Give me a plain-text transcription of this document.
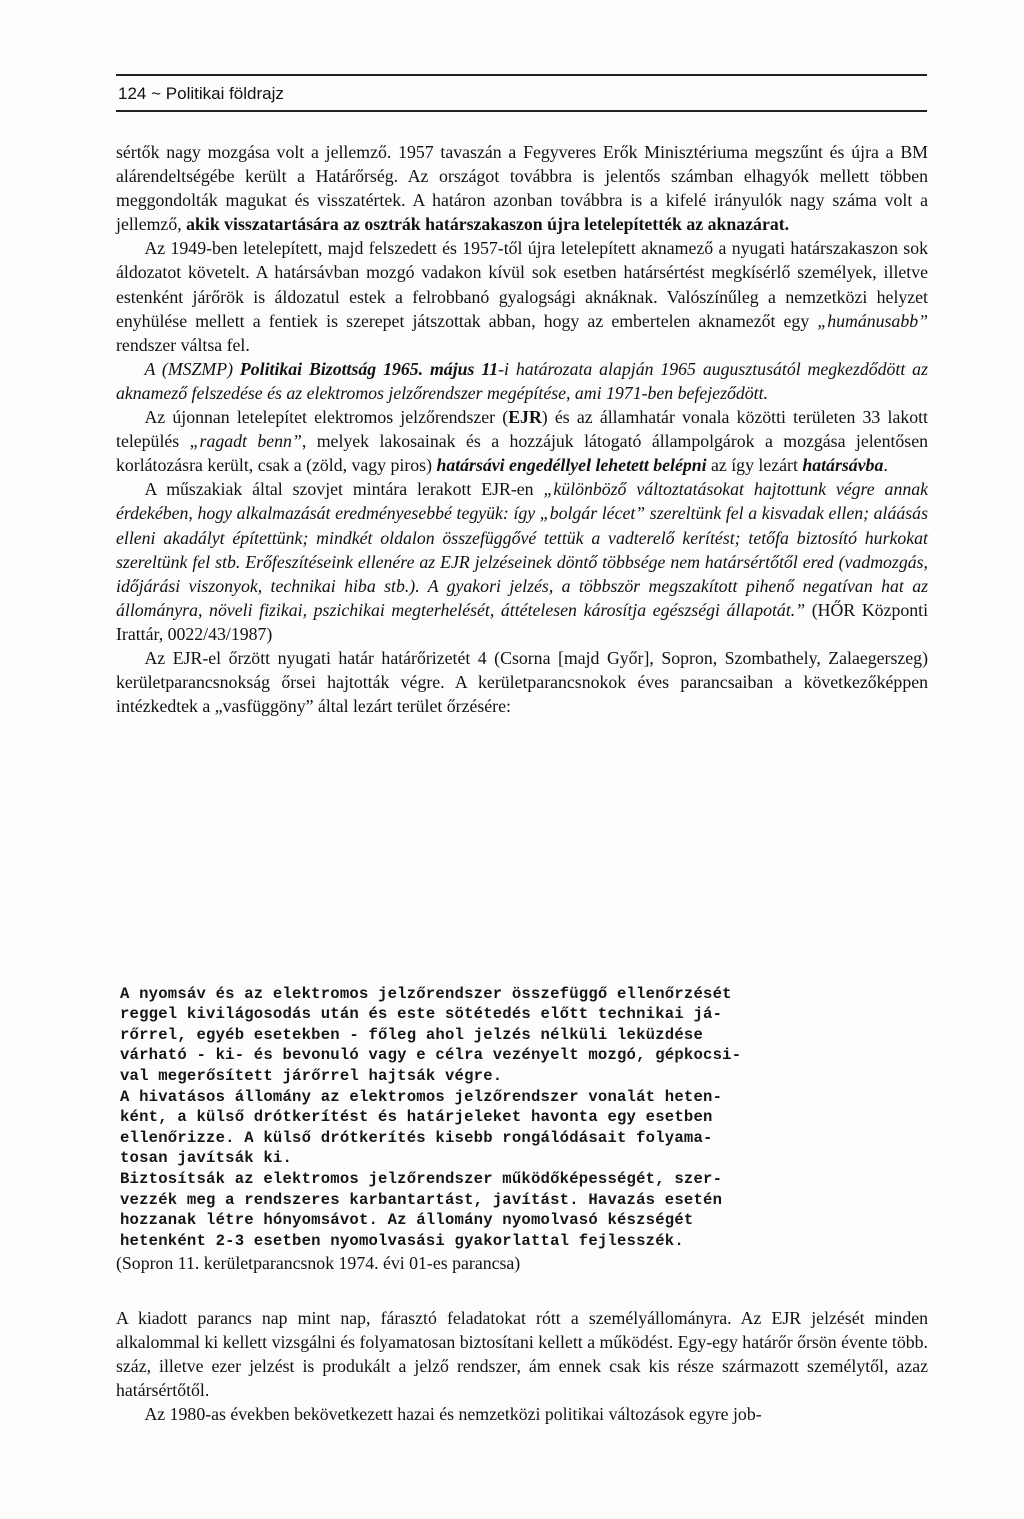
124 ~ Politikai földrajz

sértők nagy mozgása volt a jellemző. 1957 tavaszán a Fegyveres Erők Minisztériuma megszűnt és újra a BM alárendeltségébe került a Határőrség. Az országot továbbra is jelentős számban elhagyók mellett többen meggondolták magukat és visszatértek. A határon azonban továbbra is a kifelé irányulók nagy száma volt a jellemző, akik visszatartására az osztrák határszakaszon újra letelepítették az aknazárat.

Az 1949-ben letelepített, majd felszedett és 1957-től újra letelepített aknamező a nyugati határszakaszon sok áldozatot követelt. A határsávban mozgó vadakon kívül sok esetben határsértést megkísérlő személyek, illetve estenként járőrök is áldozatul estek a felrobbanó gyalogsági aknáknak. Valószínűleg a nemzetközi helyzet enyhülése mellett a fentiek is szerepet játszottak abban, hogy az embertelen aknamezőt egy „humánusabb” rendszer váltsa fel.

A (MSZMP) Politikai Bizottság 1965. május 11-i határozata alapján 1965 augusztusától megkezdődött az aknamező felszedése és az elektromos jelzőrendszer megépítése, ami 1971-ben befejeződött.

Az újonnan letelepítet elektromos jelzőrendszer (EJR) és az államhatár vonala közötti területen 33 lakott település „ragadt benn”, melyek lakosainak és a hozzájuk látogató állampolgárok a mozgása jelentősen korlátozásra került, csak a (zöld, vagy piros) határsávi engedéllyel lehetett belépni az így lezárt határsávba.

A műszakiak által szovjet mintára lerakott EJR-en „különböző változtatásokat hajtottunk végre annak érdekében, hogy alkalmazását eredményesebbé tegyük: így „bolgár lécet” szereltünk fel a kisvadak ellen; aláásás elleni akadályt építettünk; mindkét oldalon összefüggővé tettük a vadterelő kerítést; tetőfa biztosító hurkokat szereltünk fel stb. Erőfeszítéseink ellenére az EJR jelzéseinek döntő többsége nem határsértőtől ered (vadmozgás, időjárási viszonyok, technikai hiba stb.). A gyakori jelzés, a többször megszakított pihenő negatívan hat az állományra, növeli fizikai, pszichikai megterhelését, áttételesen károsítja egészségi állapotát.” (HŐR Központi Irattár, 0022/43/1987)

Az EJR-el őrzött nyugati határ határőrizetét 4 (Csorna [majd Győr], Sopron, Szombathely, Zalaegerszeg) kerületparancsnokság őrsei hajtották végre. A kerületparancsnokok éves parancsaiban a következőképpen intézkedtek a „vasfüggöny” által lezárt terület őrzésére:

A nyomsáv és az elektromos jelzőrendszer összefüggő ellenőrzését
reggel kivilágosodás után és este sötétedés előtt technikai já-
rőrrel, egyéb esetekben - főleg ahol jelzés nélküli leküzdése
várható - ki- és bevonuló vagy e célra vezényelt mozgó, gépkocsi-
val megerősített járőrrel hajtsák végre.
A hivatásos állomány az elektromos jelzőrendszer vonalát heten-
ként, a külső drótkerítést és határjeleket havonta egy esetben
ellenőrizze. A külső drótkerítés kisebb rongálódásait folyama-
tosan javítsák ki.
Biztosítsák az elektromos jelzőrendszer működőképességét, szer-
vezzék meg a rendszeres karbantartást, javítást. Havazás esetén
hozzanak létre hónyomsávot. Az állomány nyomolvasó készségét
hetenként 2-3 esetben nyomolvasási gyakorlattal fejlesszék.

(Sopron 11. kerületparancsnok 1974. évi 01-es parancsa)

A kiadott parancs nap mint nap, fárasztó feladatokat rótt a személyállományra. Az EJR jelzését minden alkalommal ki kellett vizsgálni és folyamatosan biztosítani kellett a működést. Egy-egy határőr őrsön évente több. száz, illetve ezer jelzést is produkált a jelző rendszer, ám ennek csak kis része származott személytől, azaz határsértőtől.

Az 1980-as években bekövetkezett hazai és nemzetközi politikai változások egyre job-
